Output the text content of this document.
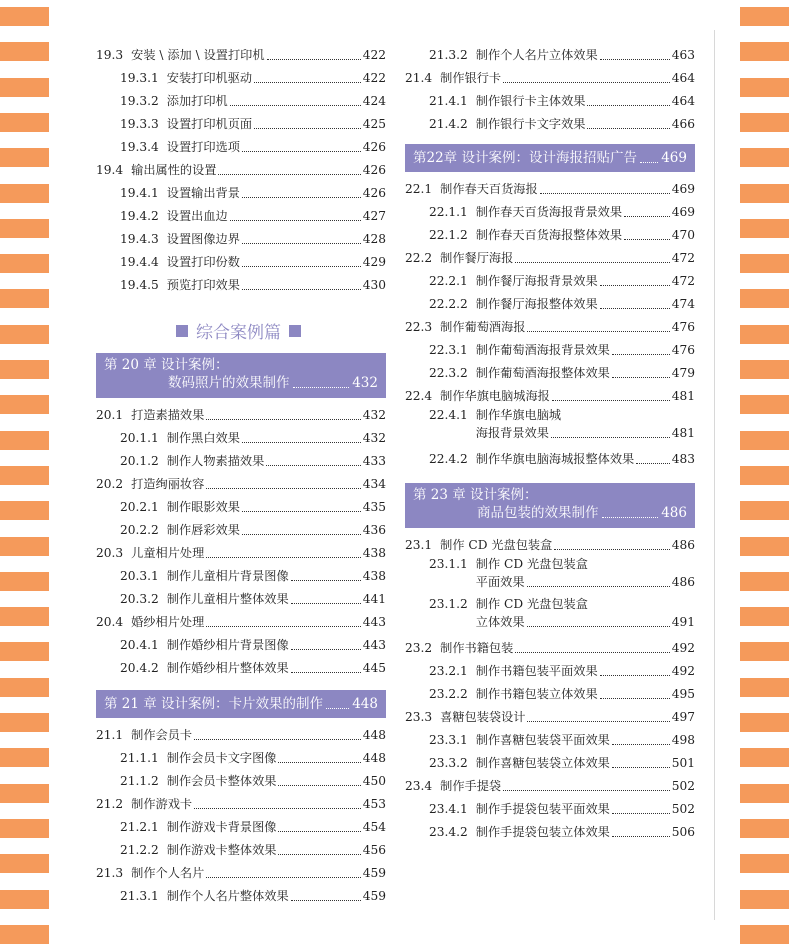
19.3 安装 \ 添加 \ 设置打印机	422
19.3.1 安装打印机驱动	422
19.3.2 添加打印机	424
19.3.3 设置打印机页面	425
19.3.4 设置打印选项	426
19.4 输出属性的设置	426
19.4.1 设置输出背景	426
19.4.2 设置出血边	427
19.4.3 设置图像边界	428
19.4.4 设置打印份数	429
19.4.5 预览打印效果	430
第 20 章 设计案例：
数码照片的效果制作	432
20.1 打造素描效果	432
20.1.1 制作黑白效果	432
20.1.2 制作人物素描效果	433
20.2 打造绚丽妆容	434
20.2.1 制作眼影效果	435
20.2.2 制作唇彩效果	436
20.3 儿童相片处理	438
20.3.1 制作儿童相片背景图像	438
20.3.2 制作儿童相片整体效果	441
20.4 婚纱相片处理	443
20.4.1 制作婚纱相片背景图像	443
20.4.2 制作婚纱相片整体效果	445
第 21 章 设计案例：卡片效果的制作 448
21.1 制作会员卡	448
21.1.1 制作会员卡文字图像	448
21.1.2 制作会员卡整体效果	450
21.2 制作游戏卡	453
21.2.1 制作游戏卡背景图像	454
21.2.2 制作游戏卡整体效果	456
21.3 制作个人名片	459
21.3.1 制作个人名片整体效果	459
综合案例篇
21.3.2 制作个人名片立体效果	463
21.4 制作银行卡	464
21.4.1 制作银行卡主体效果	464
21.4.2 制作银行卡文字效果	466
第22章 设计案例：设计海报招贴广告 469
22.1 制作春天百货海报	469
22.1.1 制作春天百货海报背景效果	469
22.1.2 制作春天百货海报整体效果	470
22.2 制作餐厅海报	472
22.2.1 制作餐厅海报背景效果	472
22.2.2 制作餐厅海报整体效果	474
22.3 制作葡萄酒海报	476
22.3.1 制作葡萄酒海报背景效果	476
22.3.2 制作葡萄酒海报整体效果	479
22.4 制作华旗电脑城海报	481
22.4.1 制作华旗电脑城
海报背景效果	481
22.4.2 制作华旗电脑海城报整体效果	483
第 23 章 设计案例：
商品包装的效果制作	486
23.1 制作 CD 光盘包装盒	486
23.1.1 制作 CD 光盘包装盒
平面效果	486
23.1.2 制作 CD 光盘包装盒
立体效果	491
23.2 制作书籍包装	492
23.2.1 制作书籍包装平面效果	492
23.2.2 制作书籍包装立体效果	495
23.3 喜糖包装袋设计	497
23.3.1 制作喜糖包装袋平面效果	498
23.3.2 制作喜糖包装袋立体效果	501
23.4 制作手提袋	502
23.4.1 制作手提袋包装平面效果	502
23.4.2 制作手提袋包装立体效果	506
